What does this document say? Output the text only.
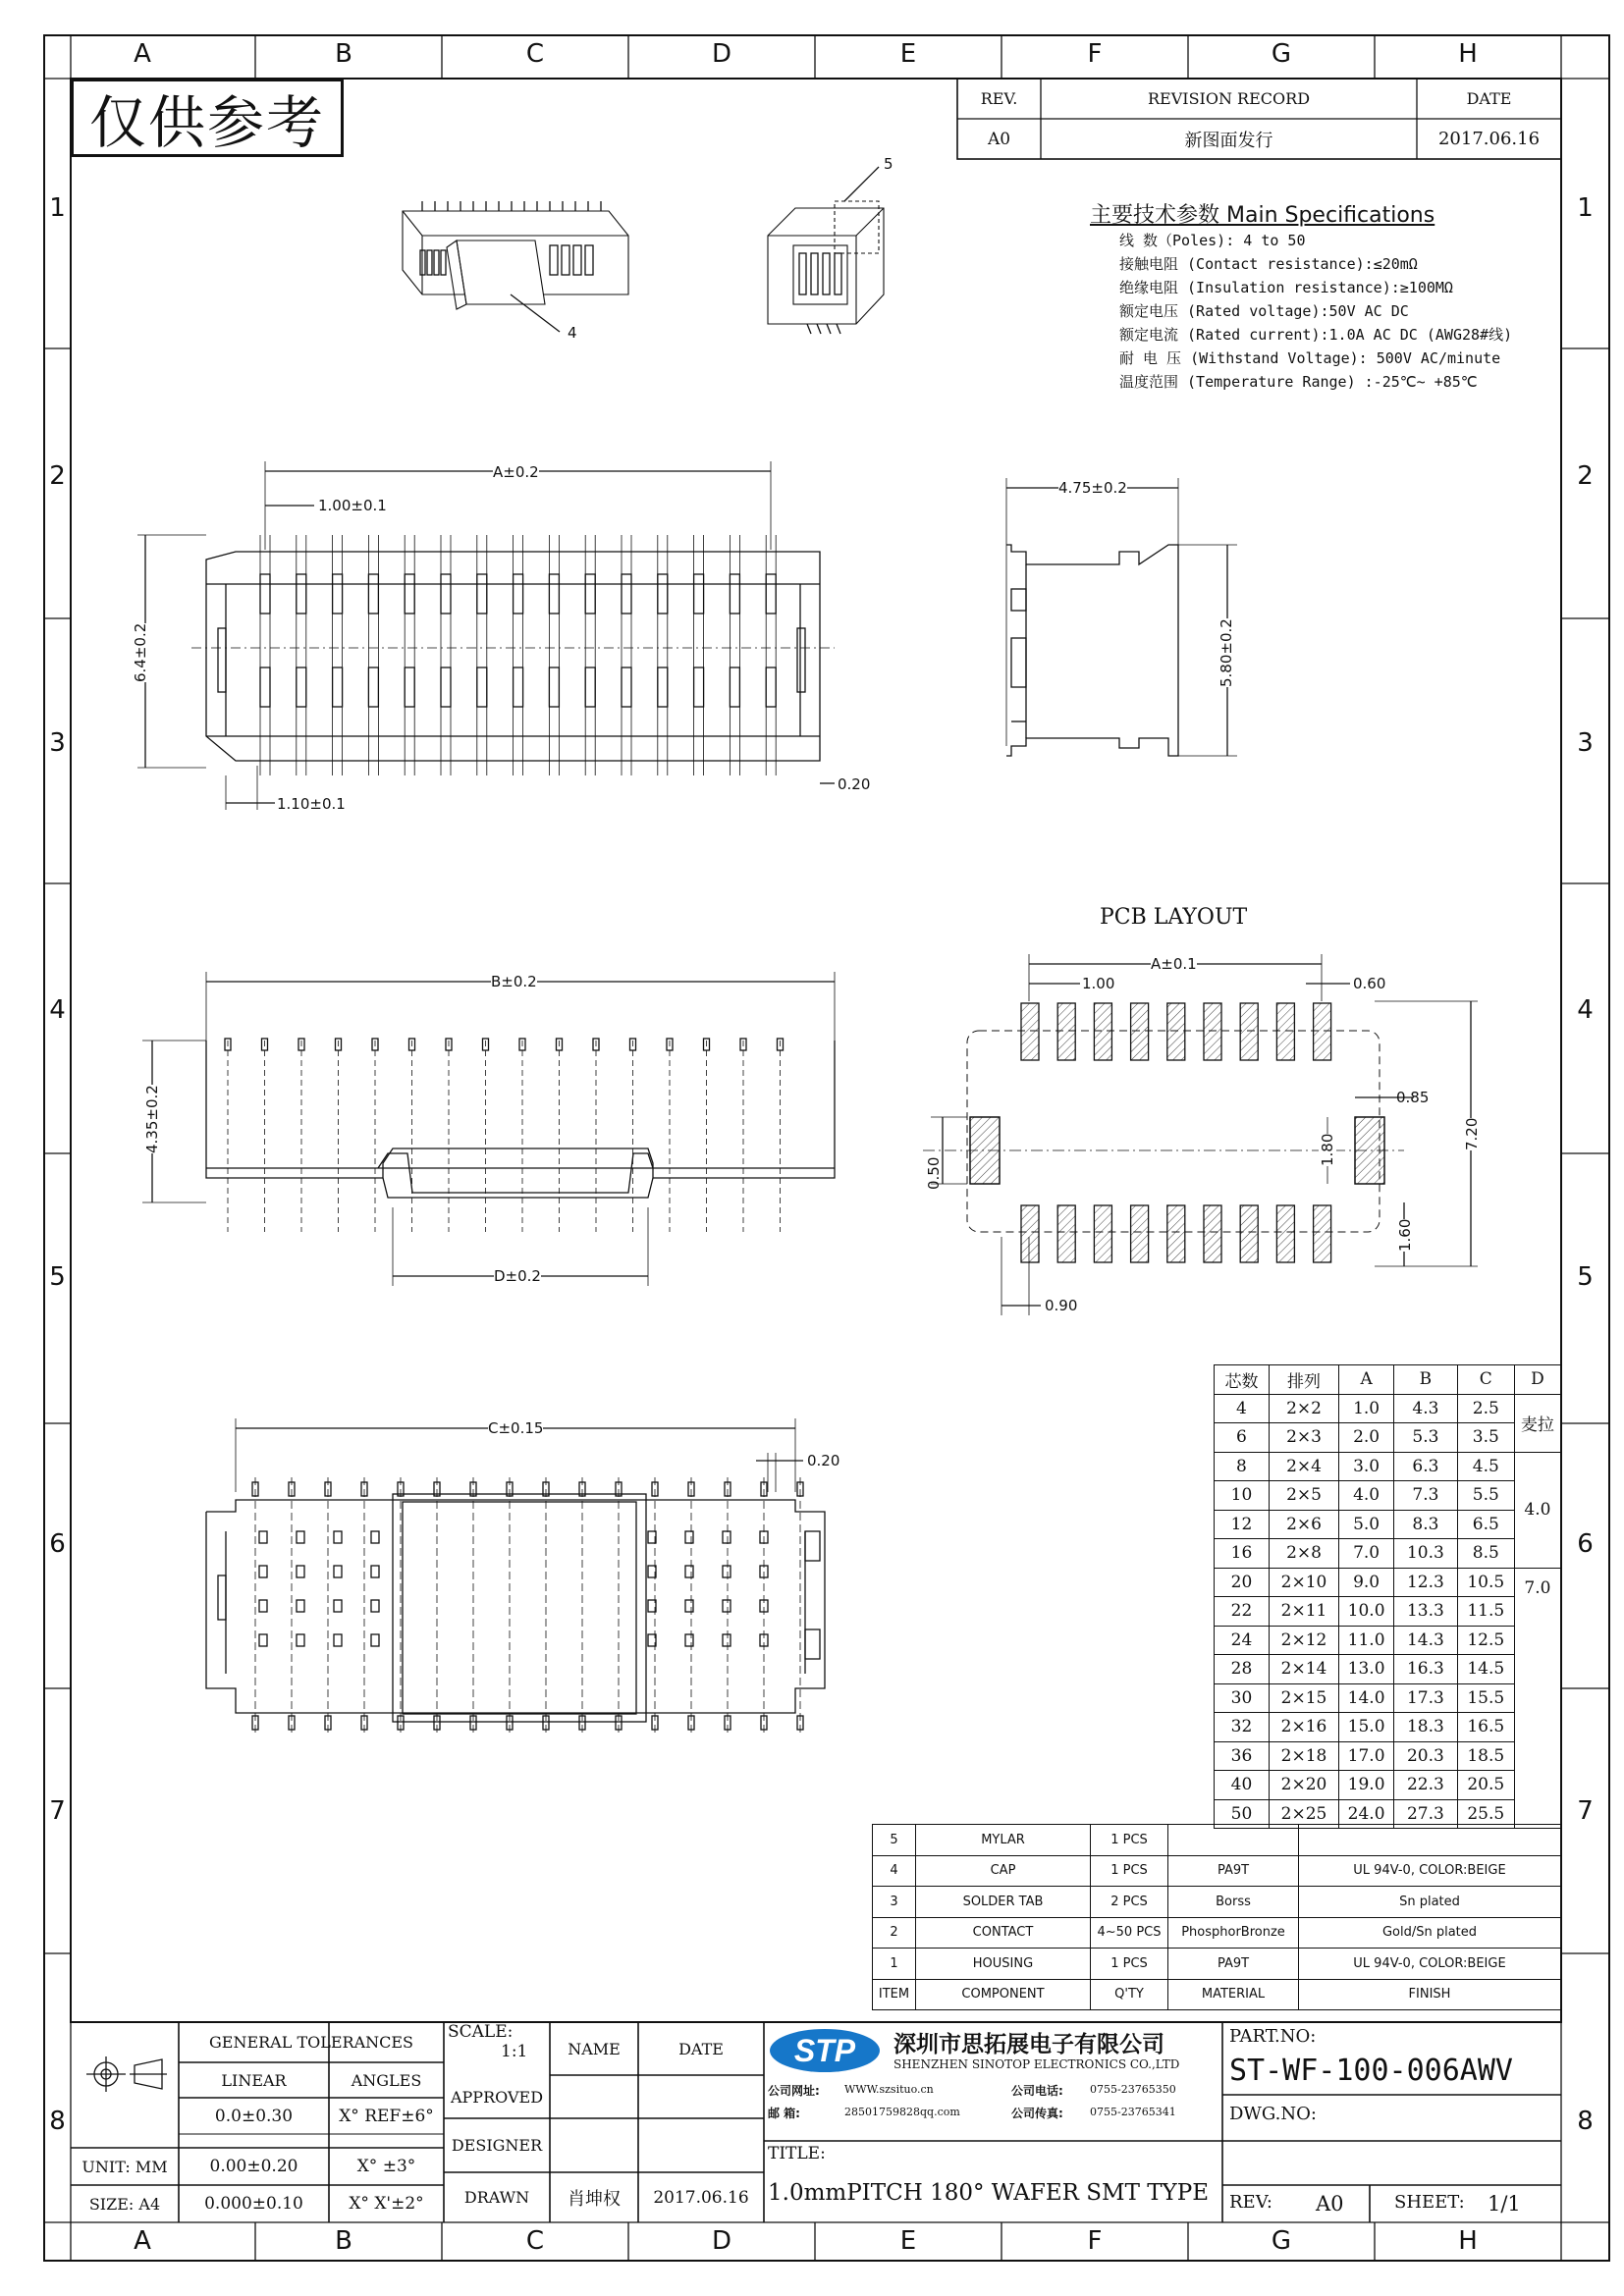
A	B	C	D	E	F	G	H
A	B	C	D	E	F	G	H
1
2
3
4
5
6
7
8
1
2
3
4
5
6
7
8
仅供参考	REV.	REVISION RECORD	DATE
A0	新图面发行	2017.06.16
主要技术参数 Main Specifications
线 数（Poles): 4 to 50
接触电阻 (Contact resistance):≤20mΩ
绝缘电阻 (Insulation resistance):≥100MΩ
额定电压 (Rated voltage):50V AC DC
额定电流 (Rated current):1.0A AC DC (AWG28#线)
耐 电 压 (Withstand Voltage): 500V AC/minute
温度范围 (Temperature Range) :-25℃~ +85℃
5
4
A±0.2
1.00±0.1
6.4±0.2
1.10±0.1
0.20
4.75±0.2
5.80±0.2
B±0.2
4.35±0.2
D±0.2
C±0.15
0.20
PCB LAYOUT
A±0.1
1.00	0.60
0.85
7.20
1.80
0.50
1.60
0.90
芯数	排列	A	B	C	D
4	2×2	1.0	4.3	2.5	麦拉
6	2×3	2.0	5.3	3.5	
8	2×4	3.0	6.3	4.5	4.0
10	2×5	4.0	7.3	5.5	
12	2×6	5.0	8.3	6.5	
16	2×8	7.0	10.3	8.5	
20	2×10	9.0	12.3	10.5	7.0
22	2×11	10.0	13.3	11.5	
24	2×12	11.0	14.3	12.5	
28	2×14	13.0	16.3	14.5	
30	2×15	14.0	17.3	15.5	
32	2×16	15.0	18.3	16.5	
36	2×18	17.0	20.3	18.5	
40	2×20	19.0	22.3	20.5	
50	2×25	24.0	27.3	25.5	
5	MYLAR	1 PCS		
4	CAP	1 PCS	PA9T	UL 94V-0, COLOR:BEIGE
3	SOLDER TAB	2 PCS	Borss	Sn plated
2	CONTACT	4~50 PCS	PhosphorBronze	Gold/Sn plated
1	HOUSING	1 PCS	PA9T	UL 94V-0, COLOR:BEIGE
ITEM	COMPONENT	Q'TY	MATERIAL	FINISH
GENERAL TOLERANCES
LINEAR	ANGLES
0.0±0.30	X° REF±6°
0.00±0.20	X° ±3°
0.000±0.10	X° X'±2°
UNIT: MM
SIZE: A4
SCALE:
1:1	NAME	DATE
APPROVED
DESIGNER
DRAWN	肖坤权	2017.06.16
STP 深圳市思拓展电子有限公司
SHENZHEN SINOTOP ELECTRONICS CO.,LTD
公司网址: WWW.szsituo.cn	公司电话: 0755-23765350
邮 箱:	28501759828qq.com	公司传真: 0755-23765341
TITLE:
1.0mmPITCH 180° WAFER SMT TYPE
PART.NO:
ST-WF-100-006AWV
DWG.NO:
REV: A0	SHEET: 1/1
